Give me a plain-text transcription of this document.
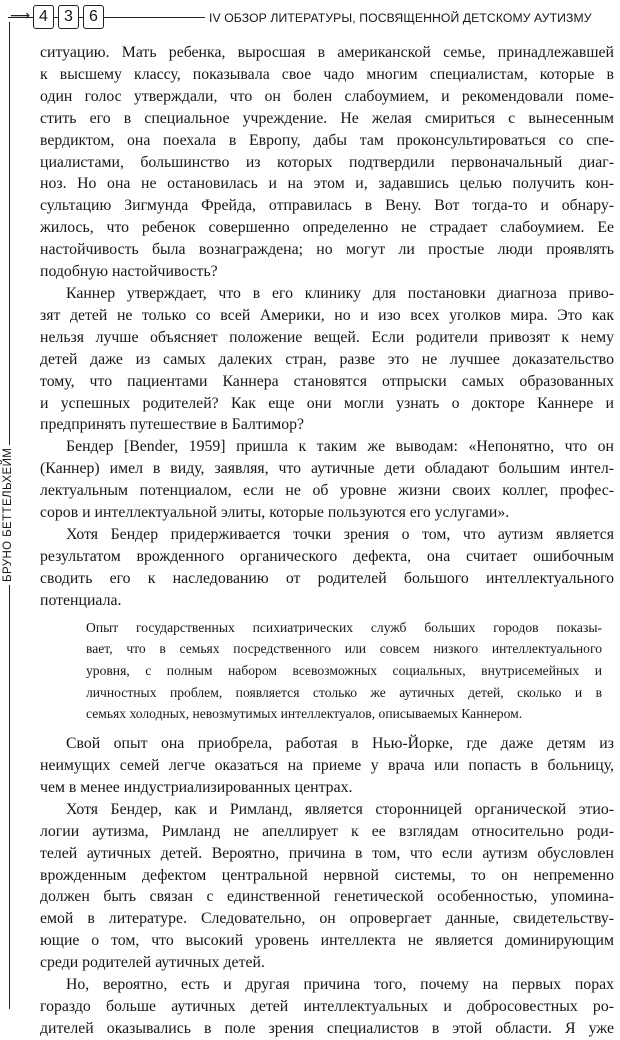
⟶ 4	3	6	IV ОБЗОР ЛИТЕРАТУРЫ, ПОСВЯЩЕННОЙ ДЕТСКОМУ АУТИЗМУ
БРУНО БЕТТЕЛЬХЕЙМ

ситуацию. Мать ребенка, выросшая в американской семье, принадлежавшей

к высшему классу, показывала свое чадо многим специалистам, которые в

один голос утверждали, что он болен слабоумием, и рекомендовали поме-

стить его в специальное учреждение. Не желая смириться с вынесенным

вердиктом, она поехала в Европу, дабы там проконсультироваться со спе-

циалистами, большинство из которых подтвердили первоначальный диаг-

ноз. Но она не остановилась и на этом и, задавшись целью получить кон-

сультацию Зигмунда Фрейда, отправилась в Вену. Вот тогда-то и обнару-

жилось, что ребенок совершенно определенно не страдает слабоумием. Ее

настойчивость была вознаграждена; но могут ли простые люди проявлять

подобную настойчивость?

Каннер утверждает, что в его клинику для постановки диагноза приво-

зят детей не только со всей Америки, но и изо всех уголков мира. Это как

нельзя лучше объясняет положение вещей. Если родители привозят к нему

детей даже из самых далеких стран, разве это не лучшее доказательство

тому, что пациентами Каннера становятся отпрыски самых образованных

и успешных родителей? Как еще они могли узнать о докторе Каннере и

предпринять путешествие в Балтимор?

Бендер [Bender, 1959] пришла к таким же выводам: «Непонятно, что он

(Каннер) имел в виду, заявляя, что аутичные дети обладают большим интел-

лектуальным потенциалом, если не об уровне жизни своих коллег, профес-

соров и интеллектуальной элиты, которые пользуются его услугами».

Хотя Бендер придерживается точки зрения о том, что аутизм является

результатом врожденного органического дефекта, она считает ошибочным

сводить его к наследованию от родителей большого интеллектуального

потенциала.

Опыт государственных психиатрических служб больших городов показы-

вает, что в семьях посредственного или совсем низкого интеллектуального

уровня, с полным набором всевозможных социальных, внутрисемейных и

личностных проблем, появляется столько же аутичных детей, сколько и в

семьях холодных, невозмутимых интеллектуалов, описываемых Каннером.

Свой опыт она приобрела, работая в Нью-Йорке, где даже детям из

неимущих семей легче оказаться на приеме у врача или попасть в больницу,

чем в менее индустриализированных центрах.

Хотя Бендер, как и Римланд, является сторонницей органической этио-

логии аутизма, Римланд не апеллирует к ее взглядам относительно роди-

телей аутичных детей. Вероятно, причина в том, что если аутизм обусловлен

врожденным дефектом центральной нервной системы, то он непременно

должен быть связан с единственной генетической особенностью, упомина-

емой в литературе. Следовательно, он опровергает данные, свидетельству-

ющие о том, что высокий уровень интеллекта не является доминирующим

среди родителей аутичных детей.

Но, вероятно, есть и другая причина того, почему на первых порах

гораздо больше аутичных детей интеллектуальных и добросовестных ро-

дителей оказывались в поле зрения специалистов в этой области. Я уже
